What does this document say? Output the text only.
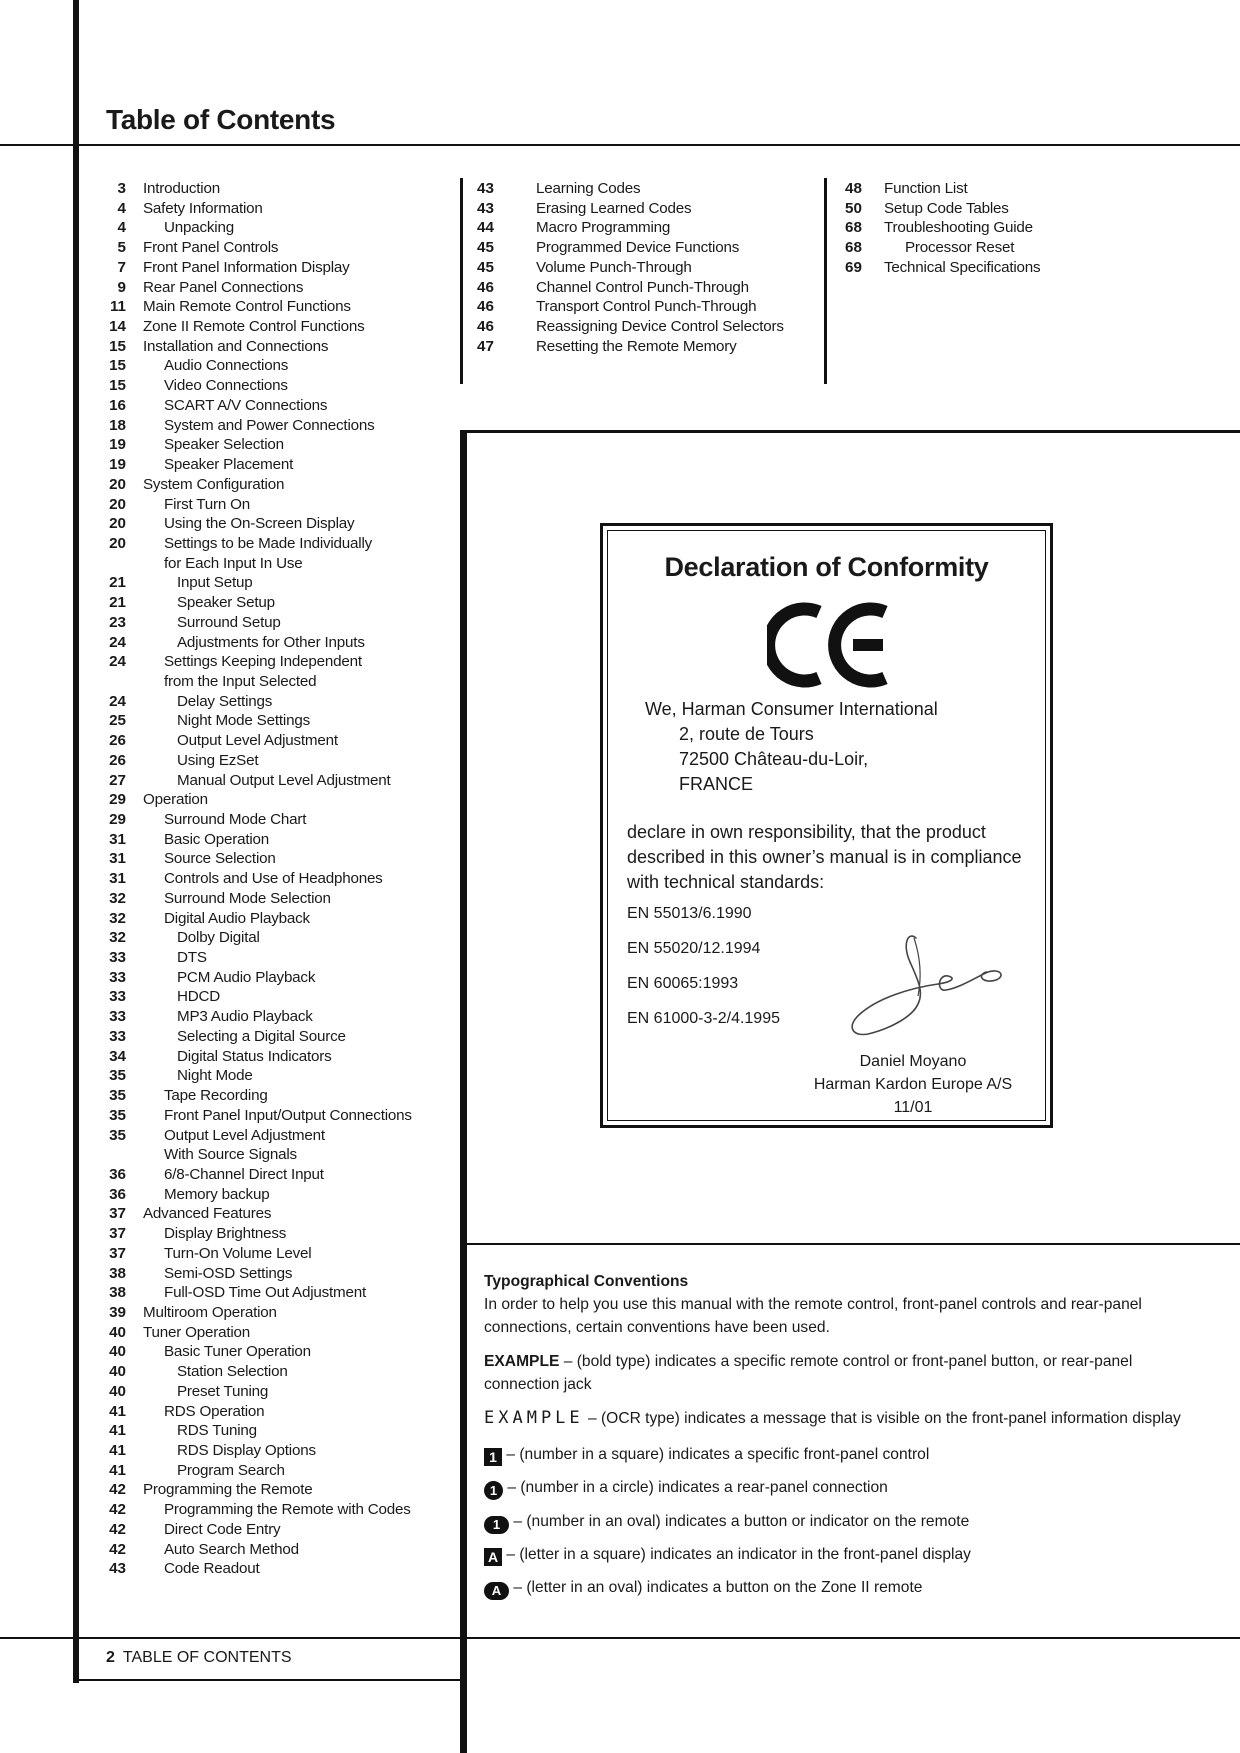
Table of Contents
3 Introduction
4 Safety Information
4	Unpacking
5 Front Panel Controls
7 Front Panel Information Display
9 Rear Panel Connections
11 Main Remote Control Functions
14 Zone II Remote Control Functions
15 Installation and Connections
15	Audio Connections
15	Video Connections
16	SCART A/V Connections
18	System and Power Connections
19	Speaker Selection
19	Speaker Placement
20 System Configuration
20	First Turn On
20	Using the On-Screen Display
20	Settings to be Made Individually
for Each Input In Use
21	Input Setup
21	Speaker Setup
23	Surround Setup
24	Adjustments for Other Inputs
24	Settings Keeping Independent
from the Input Selected
24	Delay Settings
25	Night Mode Settings
26	Output Level Adjustment
26	Using EzSet
27	Manual Output Level Adjustment
29 Operation
29	Surround Mode Chart
31	Basic Operation
31	Source Selection
31	Controls and Use of Headphones
32	Surround Mode Selection
32	Digital Audio Playback
32	Dolby Digital
33	DTS
33	PCM Audio Playback
33	HDCD
33	MP3 Audio Playback
33	Selecting a Digital Source
34	Digital Status Indicators
35	Night Mode
35	Tape Recording
35	Front Panel Input/Output Connections
35	Output Level Adjustment
With Source Signals
36	6/8-Channel Direct Input
36	Memory backup
37 Advanced Features
37	Display Brightness
37	Turn-On Volume Level
38	Semi-OSD Settings
38	Full-OSD Time Out Adjustment
39 Multiroom Operation
40 Tuner Operation
40	Basic Tuner Operation
40	Station Selection
40	Preset Tuning
41	RDS Operation
41	RDS Tuning
41	RDS Display Options
41	Program Search
42 Programming the Remote
42	Programming the Remote with Codes
42	Direct Code Entry
42	Auto Search Method
43	Code Readout
43	Learning Codes
43	Erasing Learned Codes
44	Macro Programming
45	Programmed Device Functions
45	Volume Punch-Through
46	Channel Control Punch-Through
46	Transport Control Punch-Through
46	Reassigning Device Control Selectors
47	Resetting the Remote Memory
48	Function List
50	Setup Code Tables
68	Troubleshooting Guide
68	Processor Reset
69	Technical Specifications
Declaration of Conformity
We, Harman Consumer International
2, route de Tours
72500 Château-du-Loir,
FRANCE
declare in own responsibility, that the product
described in this owner’s manual is in compliance
with technical standards:
EN 55013/6.1990
EN 55020/12.1994
EN 60065:1993
EN 61000-3-2/4.1995
Daniel Moyano
Harman Kardon Europe A/S
11/01
Typographical Conventions
In order to help you use this manual with the remote control, front-panel controls and rear-panel
connections, certain conventions have been used.
EXAMPLE – (bold type) indicates a specific remote control or front-panel button, or rear-panel
connection jack
EXAMPLE – (OCR type) indicates a message that is visible on the front-panel information display
1 – (number in a square) indicates a specific front-panel control
1 – (number in a circle) indicates a rear-panel connection
1 – (number in an oval) indicates a button or indicator on the remote
A – (letter in a square) indicates an indicator in the front-panel display
A – (letter in an oval) indicates a button on the Zone II remote
2 TABLE OF CONTENTS
